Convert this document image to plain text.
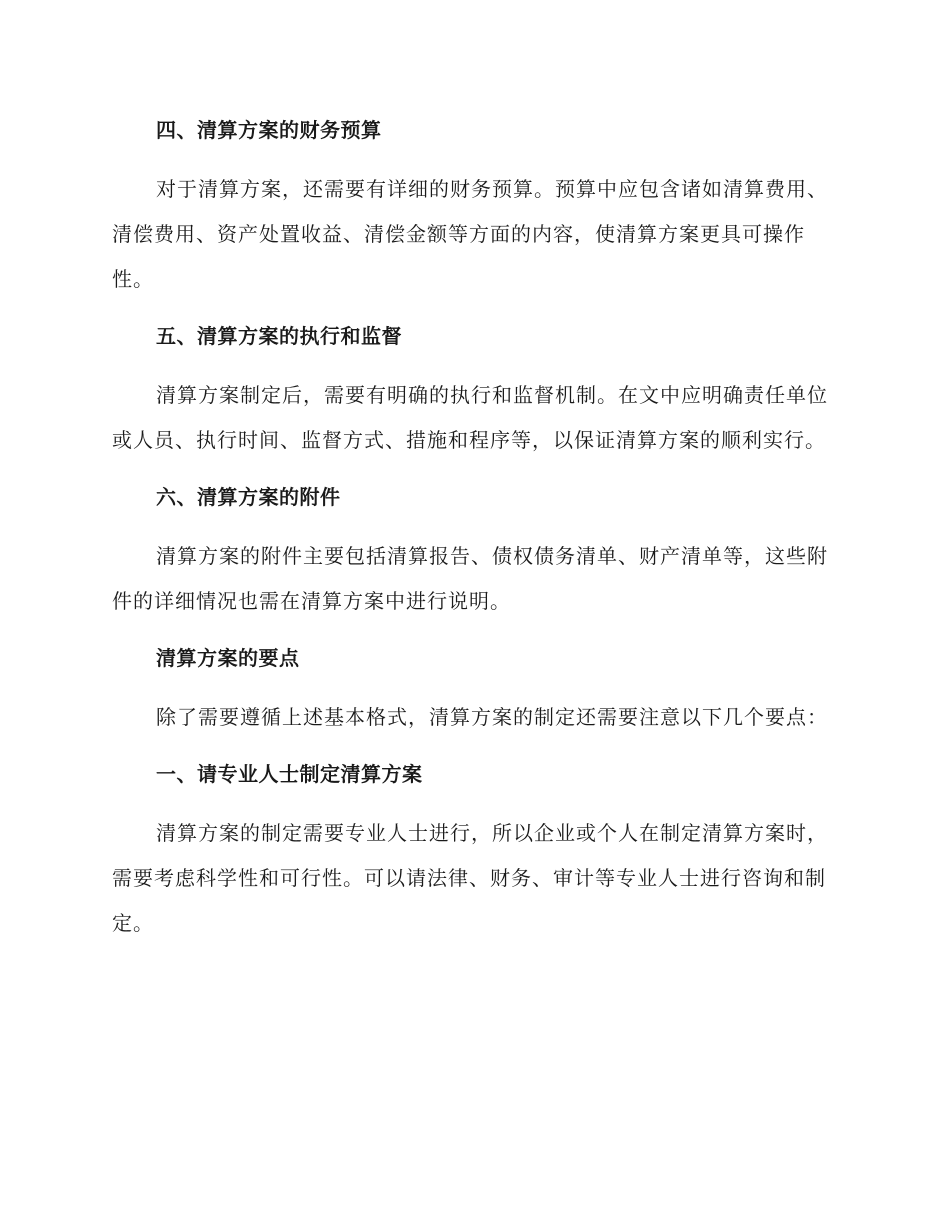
四、清算方案的财务预算

对于清算方案，还需要有详细的财务预算。预算中应包含诸如清算费用、清偿费用、资产处置收益、清偿金额等方面的内容，使清算方案更具可操作性。

五、清算方案的执行和监督

清算方案制定后，需要有明确的执行和监督机制。在文中应明确责任单位或人员、执行时间、监督方式、措施和程序等，以保证清算方案的顺利实行。

六、清算方案的附件

清算方案的附件主要包括清算报告、债权债务清单、财产清单等，这些附件的详细情况也需在清算方案中进行说明。

清算方案的要点

除了需要遵循上述基本格式，清算方案的制定还需要注意以下几个要点：

一、请专业人士制定清算方案

清算方案的制定需要专业人士进行，所以企业或个人在制定清算方案时，需要考虑科学性和可行性。可以请法律、财务、审计等专业人士进行咨询和制定。
